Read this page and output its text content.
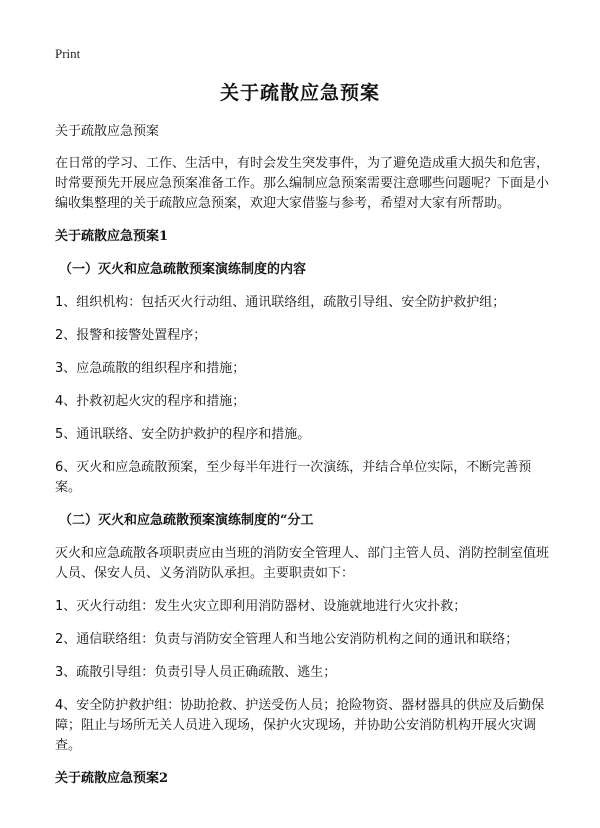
Print
关于疏散应急预案

关于疏散应急预案

在日常的学习、工作、生活中，有时会发生突发事件，为了避免造成重大损失和危害，时常要预先开展应急预案准备工作。那么编制应急预案需要注意哪些问题呢？下面是小编收集整理的关于疏散应急预案，欢迎大家借鉴与参考，希望对大家有所帮助。

关于疏散应急预案1

（一）灭火和应急疏散预案演练制度的内容

1、组织机构：包括灭火行动组、通讯联络组，疏散引导组、安全防护救护组；

2、报警和接警处置程序；

3、应急疏散的组织程序和措施；

4、扑救初起火灾的程序和措施；

5、通讯联络、安全防护救护的程序和措施。

6、灭火和应急疏散预案，至少每半年进行一次演练，并结合单位实际，不断完善预案。

（二）灭火和应急疏散预案演练制度的“分工

灭火和应急疏散各项职责应由当班的消防安全管理人、部门主管人员、消防控制室值班人员、保安人员、义务消防队承担。主要职责如下：

1、灭火行动组：发生火灾立即利用消防器材、设施就地进行火灾扑救；

2、通信联络组：负责与消防安全管理人和当地公安消防机构之间的通讯和联络；

3、疏散引导组：负责引导人员正确疏散、逃生；

4、安全防护救护组：协助抢救、护送受伤人员；抢险物资、器材器具的供应及后勤保障；阻止与场所无关人员进入现场，保护火灾现场，并协助公安消防机构开展火灾调查。

关于疏散应急预案2
